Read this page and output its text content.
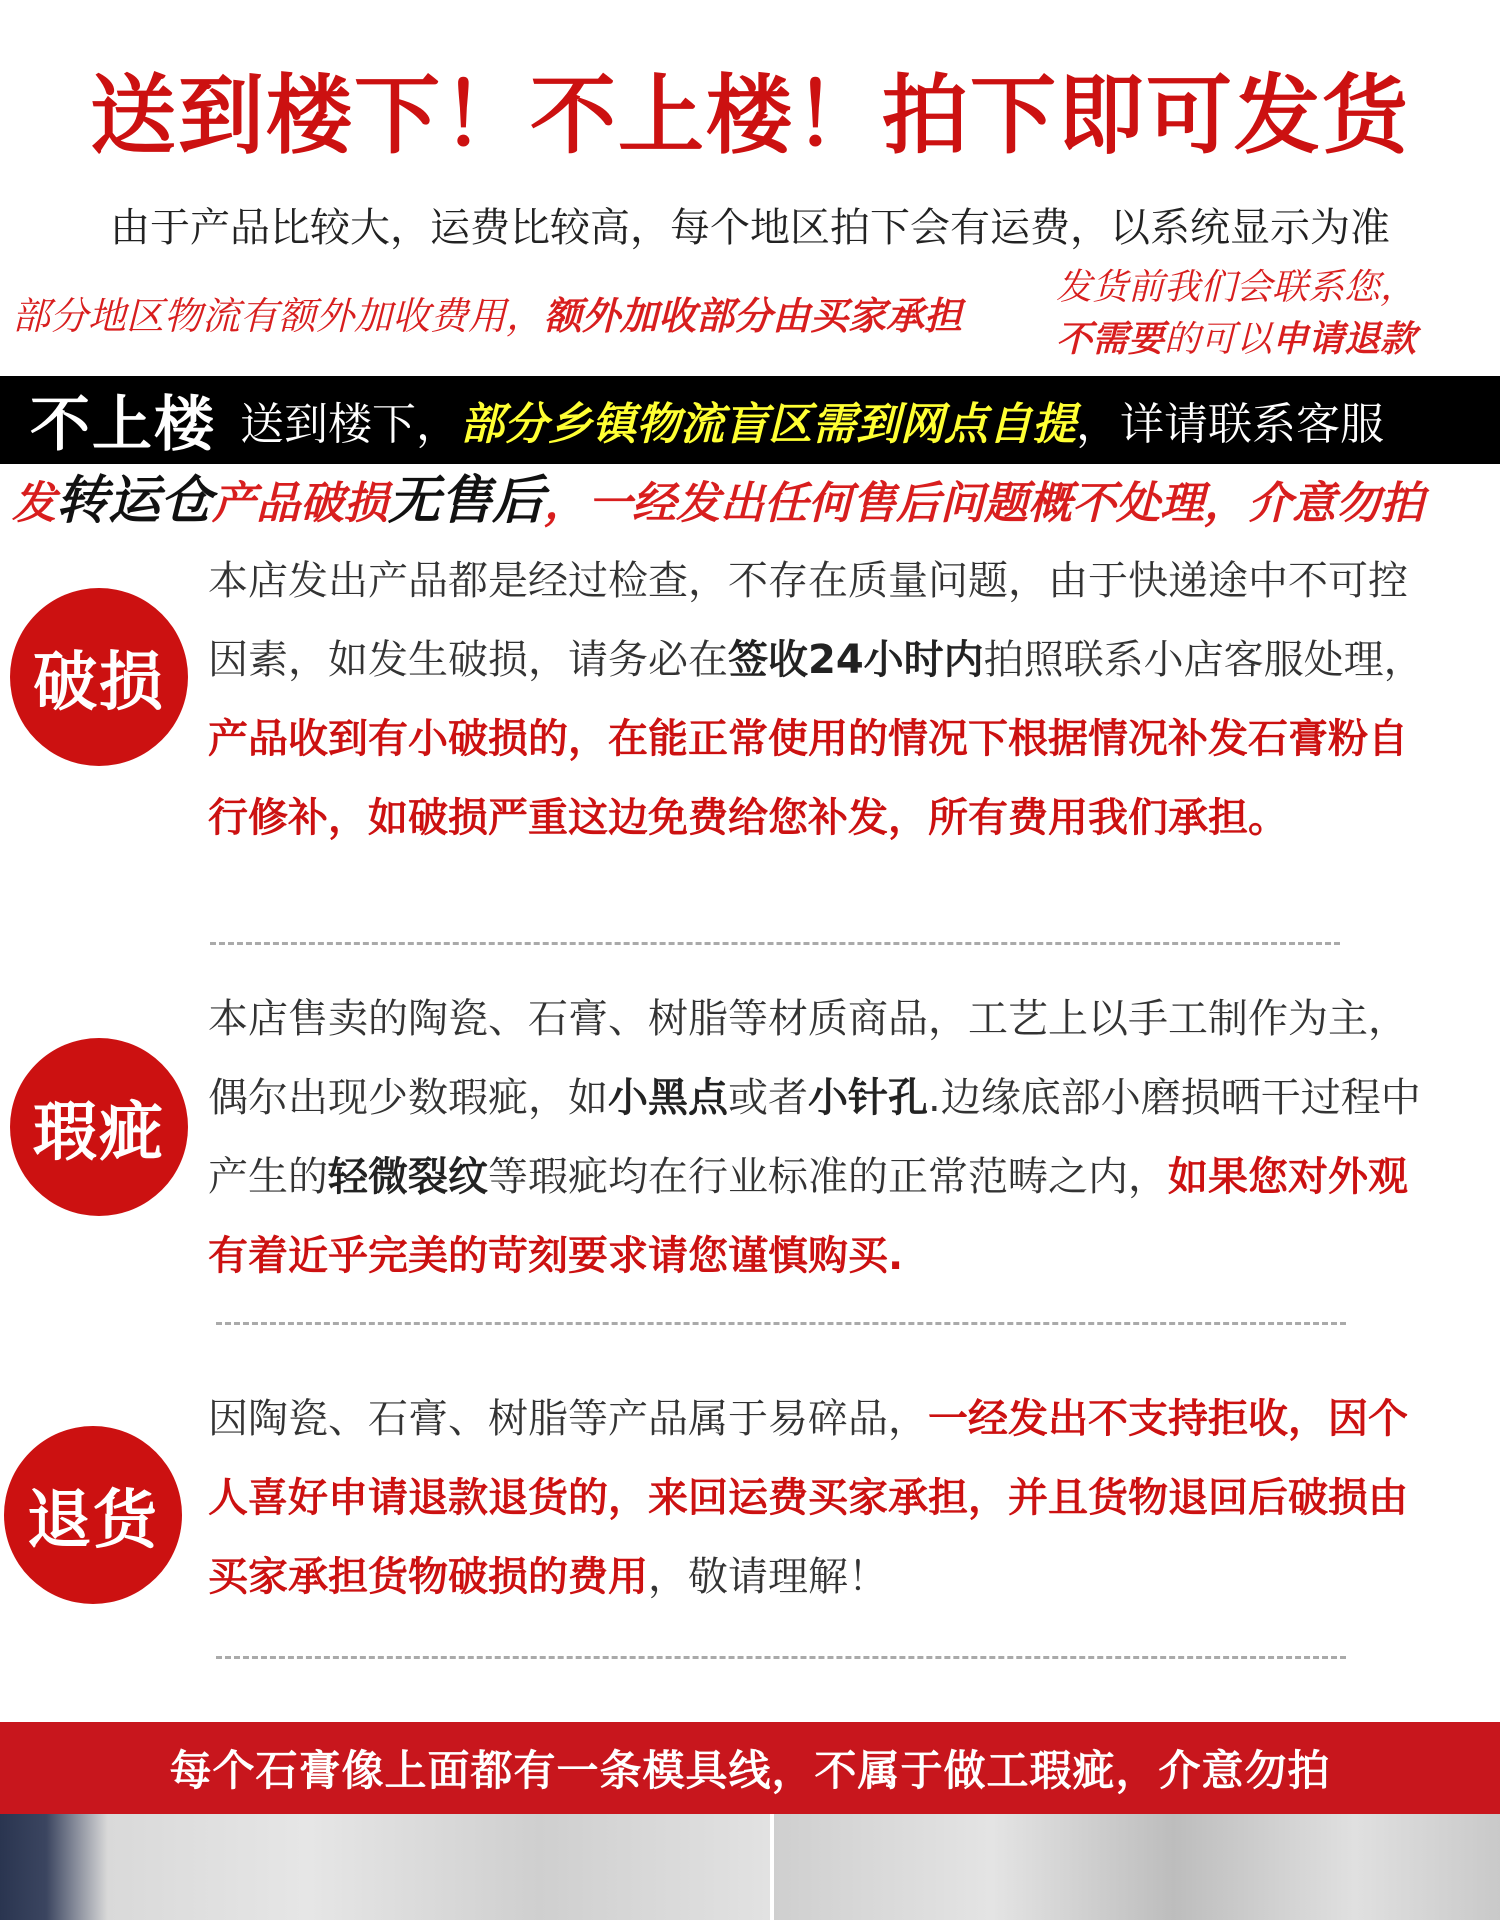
送到楼下！不上楼！拍下即可发货
由于产品比较大，运费比较高，每个地区拍下会有运费，以系统显示为准
部分地区物流有额外加收费用，额外加收部分由买家承担
发货前我们会联系您，
不需要的可以申请退款
不上楼 送到楼下， 部分乡镇物流盲区需到网点自提 ，详请联系客服
发转运仓产品破损无售后，一经发出任何售后问题概不处理，介意勿拍
破损
本店发出产品都是经过检查，不存在质量问题，由于快递途中不可控因素，如发生破损，请务必在签收24小时内拍照联系小店客服处理，产品收到有小破损的，在能正常使用的情况下根据情况补发石膏粉自行修补，如破损严重这边免费给您补发，所有费用我们承担。
瑕疵
本店售卖的陶瓷、石膏、树脂等材质商品，工艺上以手工制作为主，偶尔出现少数瑕疵，如小黑点或者小针孔.边缘底部小磨损晒干过程中产生的轻微裂纹等瑕疵均在行业标准的正常范畴之内，如果您对外观有着近乎完美的苛刻要求请您谨慎购买.
退货
因陶瓷、石膏、树脂等产品属于易碎品，一经发出不支持拒收，因个人喜好申请退款退货的，来回运费买家承担，并且货物退回后破损由买家承担货物破损的费用，敬请理解！
每个石膏像上面都有一条模具线，不属于做工瑕疵，介意勿拍
